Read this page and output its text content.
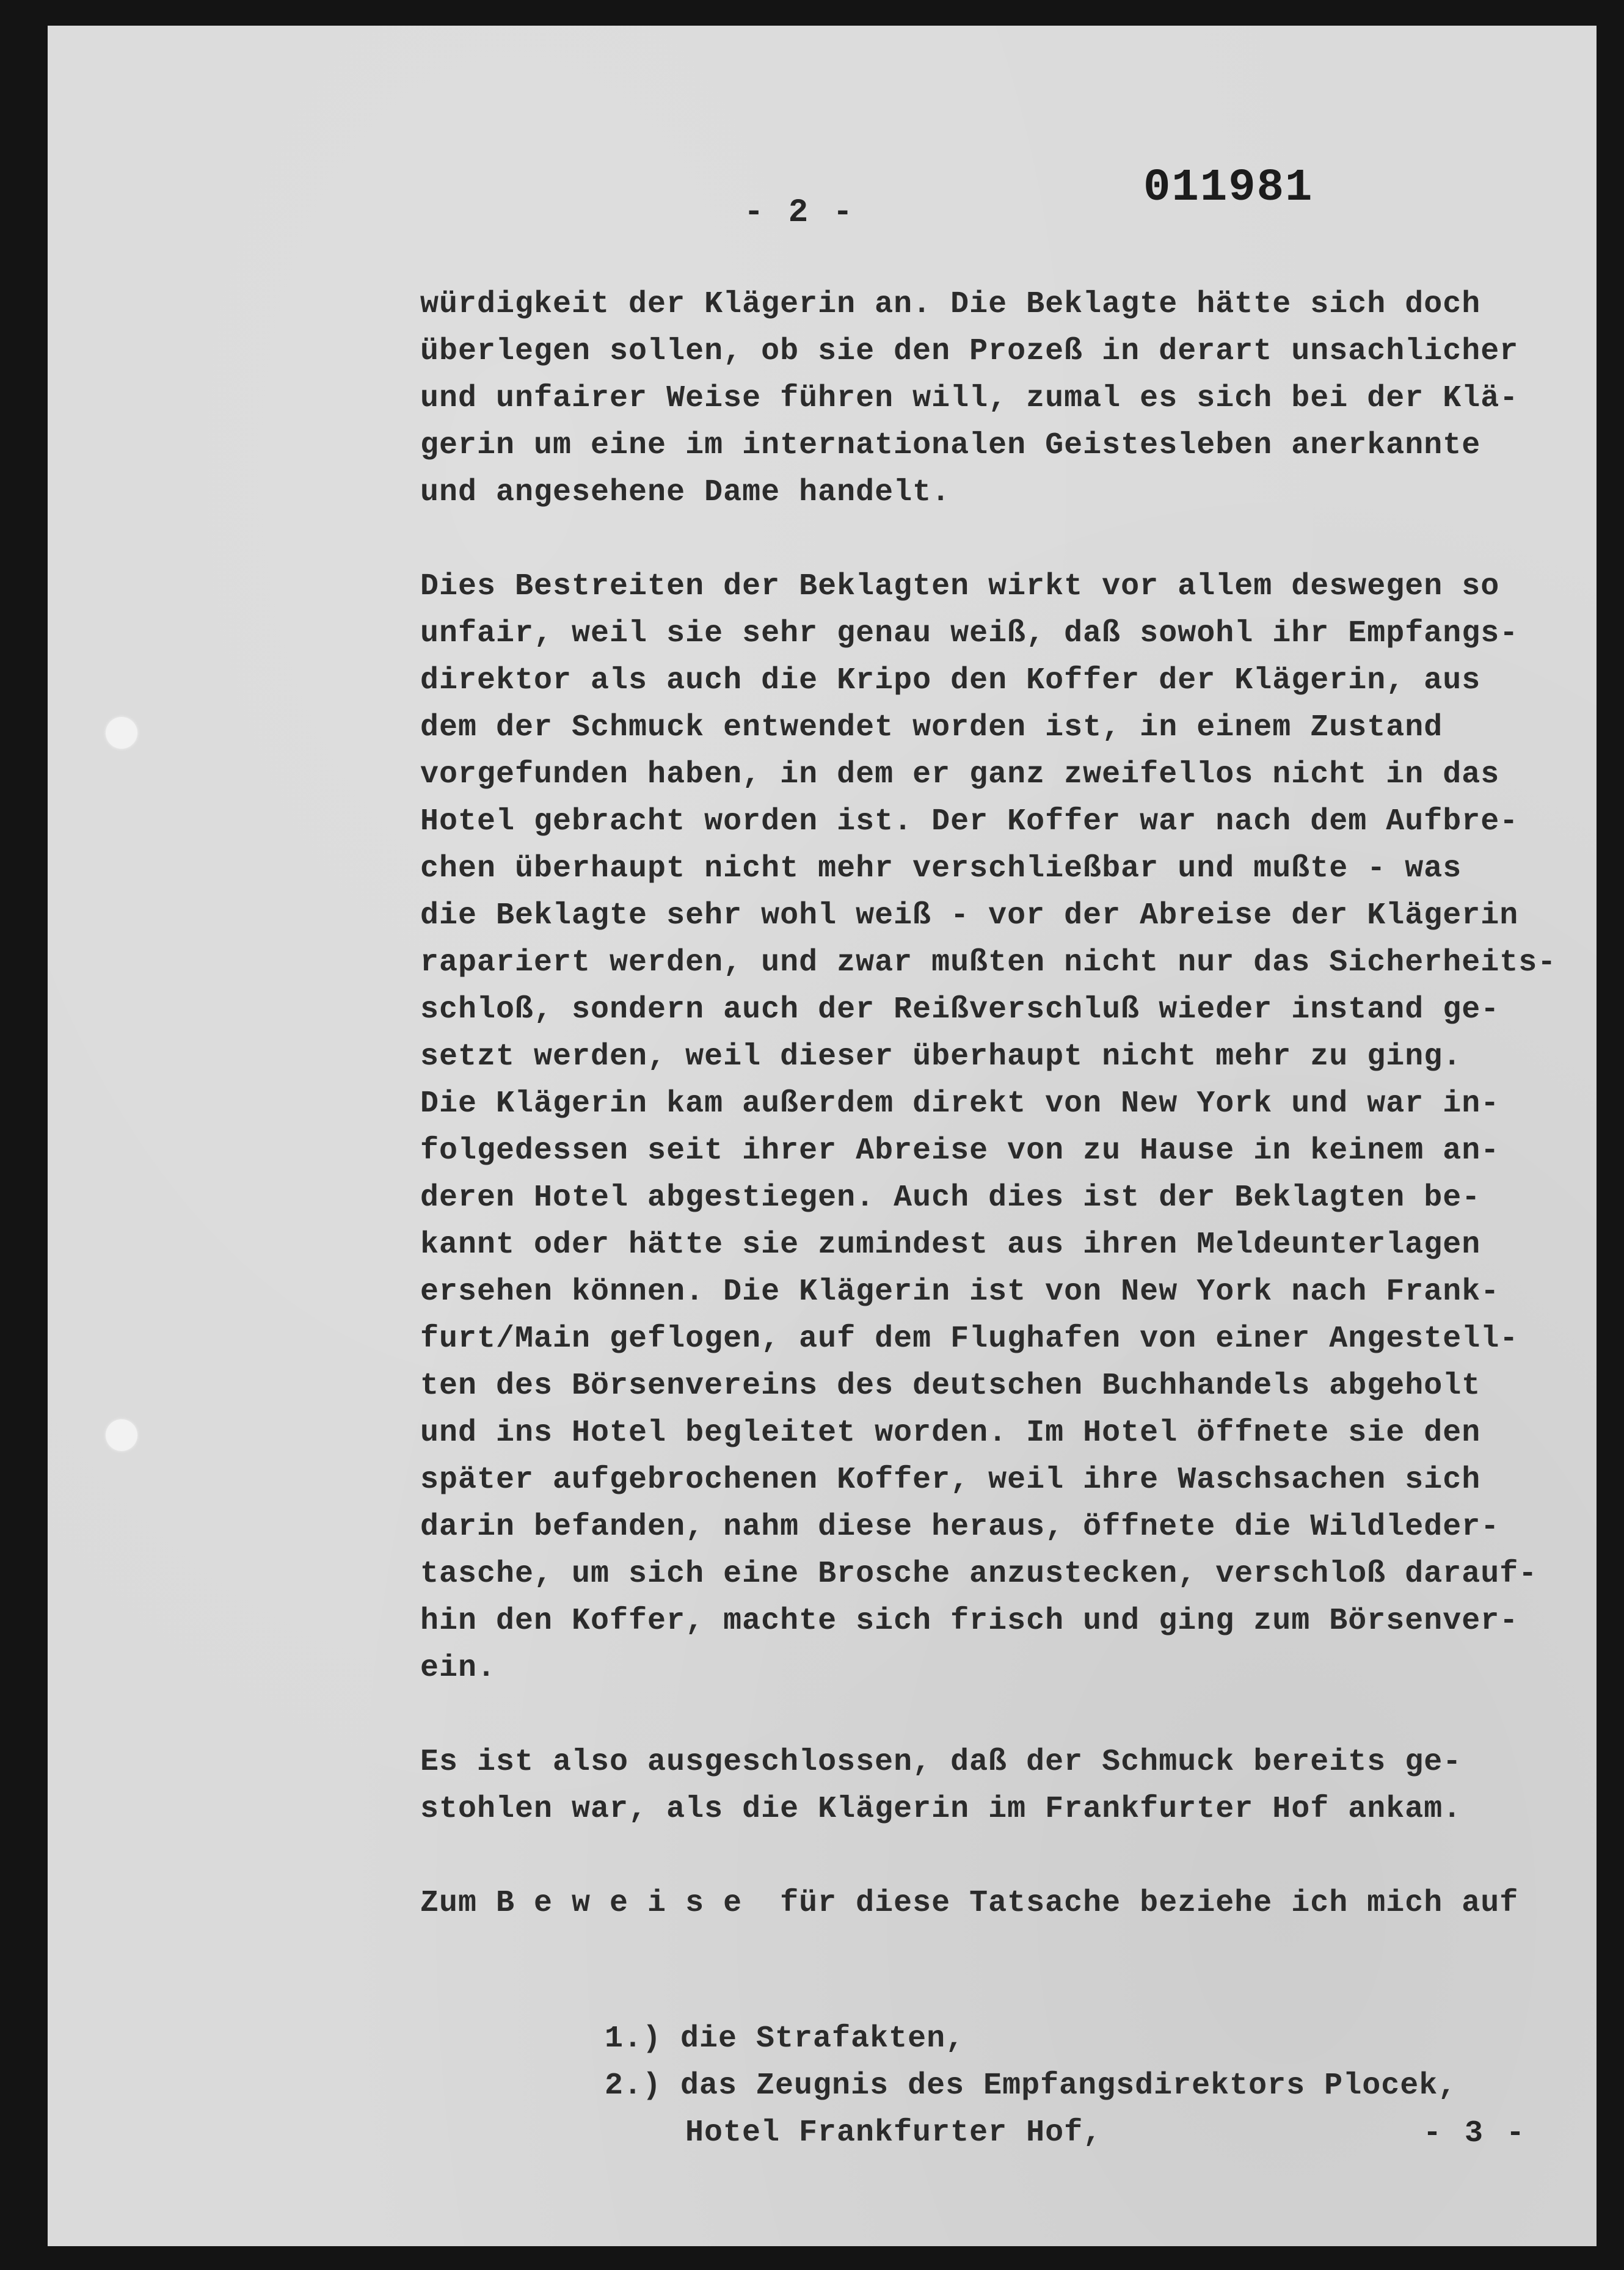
- 2 -	011981

würdigkeit der Klägerin an. Die Beklagte hätte sich doch
überlegen sollen, ob sie den Prozeß in derart unsachlicher
und unfairer Weise führen will, zumal es sich bei der Klä-
gerin um eine im internationalen Geistesleben anerkannte
und angesehene Dame handelt.

Dies Bestreiten der Beklagten wirkt vor allem deswegen so
unfair, weil sie sehr genau weiß, daß sowohl ihr Empfangs-
direktor als auch die Kripo den Koffer der Klägerin, aus
dem der Schmuck entwendet worden ist, in einem Zustand
vorgefunden haben, in dem er ganz zweifellos nicht in das
Hotel gebracht worden ist. Der Koffer war nach dem Aufbre-
chen überhaupt nicht mehr verschließbar und mußte - was
die Beklagte sehr wohl weiß - vor der Abreise der Klägerin
rapariert werden, und zwar mußten nicht nur das Sicherheits-
schloß, sondern auch der Reißverschluß wieder instand ge-
setzt werden, weil dieser überhaupt nicht mehr zu ging.
Die Klägerin kam außerdem direkt von New York und war in-
folgedessen seit ihrer Abreise von zu Hause in keinem an-
deren Hotel abgestiegen. Auch dies ist der Beklagten be-
kannt oder hätte sie zumindest aus ihren Meldeunterlagen
ersehen können. Die Klägerin ist von New York nach Frank-
furt/Main geflogen, auf dem Flughafen von einer Angestell-
ten des Börsenvereins des deutschen Buchhandels abgeholt
und ins Hotel begleitet worden. Im Hotel öffnete sie den
später aufgebrochenen Koffer, weil ihre Waschsachen sich
darin befanden, nahm diese heraus, öffnete die Wildleder-
tasche, um sich eine Brosche anzustecken, verschloß darauf-
hin den Koffer, machte sich frisch und ging zum Börsenver-
ein.

Es ist also ausgeschlossen, daß der Schmuck bereits ge-
stohlen war, als die Klägerin im Frankfurter Hof ankam.

Zum B e w e i s e  für diese Tatsache beziehe ich mich auf

1.) die Strafakten,
2.) das Zeugnis des Empfangsdirektors Plocek,
Hotel Frankfurter Hof,	- 3 -
